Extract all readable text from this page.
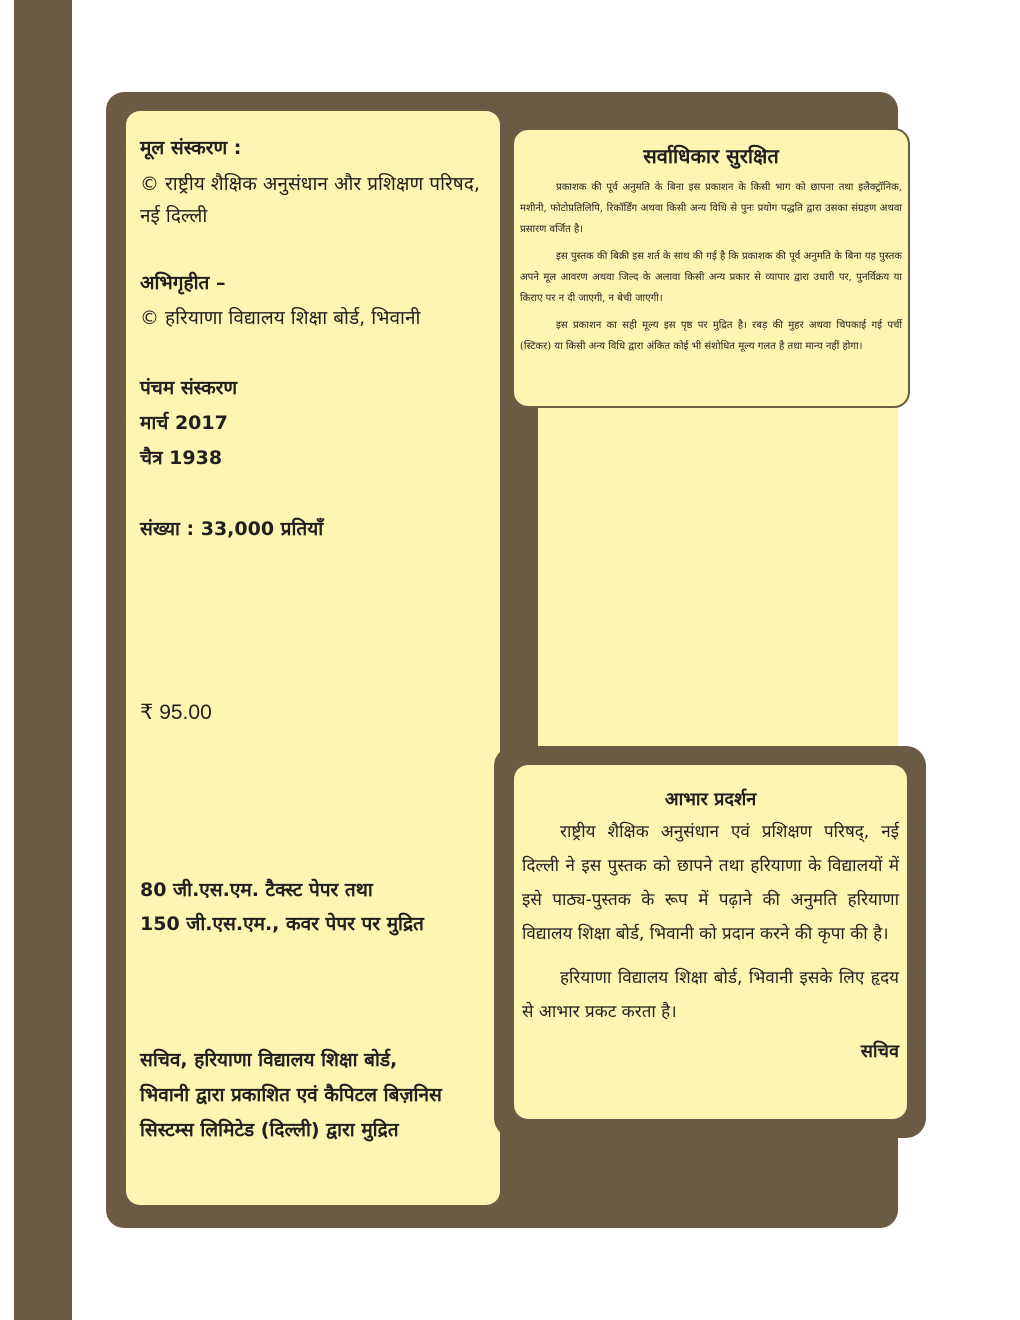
मूल संस्करण :
© राष्ट्रीय शैक्षिक अनुसंधान और प्रशिक्षण परिषद,
नई दिल्ली
अभिगृहीत –
© हरियाणा विद्यालय शिक्षा बोर्ड, भिवानी
पंचम संस्करण
मार्च 2017
चैत्र 1938
संख्या : 33,000 प्रतियाँ
₹ 95.00
80 जी.एस.एम. टैक्स्ट पेपर तथा
150 जी.एस.एम., कवर पेपर पर मुद्रित
सचिव, हरियाणा विद्यालय शिक्षा बोर्ड,
भिवानी द्वारा प्रकाशित एवं कैपिटल बिज़निस
सिस्टम्स लिमिटेड (दिल्ली) द्वारा मुद्रित
सर्वाधिकार सुरक्षित

प्रकाशक की पूर्व अनुमति के बिना इस प्रकाशन के किसी भाग को छापना तथा इलैक्ट्रॉनिक, मशीनी, फोटोप्रतिलिपि, रिकॉर्डिंग अथवा किसी अन्य विधि से पुनः प्रयोग पद्धति द्वारा उसका संग्रहण अथवा प्रसारण वर्जित है।

इस पुस्तक की बिक्री इस शर्त के साथ की गई है कि प्रकाशक की पूर्व अनुमति के बिना यह पुस्तक अपने मूल आवरण अथवा जिल्द के अलावा किसी अन्य प्रकार से व्यापार द्वारा उधारी पर, पुनर्विक्रय या किराए पर न दी जाएगी, न बेची जाएगी।

इस प्रकाशन का सही मूल्य इस पृष्ठ पर मुद्रित है। रबड़ की मुहर अथवा चिपकाई गई पर्ची (स्टिकर) या किसी अन्य विधि द्वारा अंकित कोई भी संशोधित मूल्य गलत है तथा मान्य नहीं होगा।

आभार प्रदर्शन

राष्ट्रीय शैक्षिक अनुसंधान एवं प्रशिक्षण परिषद्, नई दिल्ली ने इस पुस्तक को छापने तथा हरियाणा के विद्यालयों में इसे पाठ्य-पुस्तक के रूप में पढ़ाने की अनुमति हरियाणा विद्यालय शिक्षा बोर्ड, भिवानी को प्रदान करने की कृपा की है।

हरियाणा विद्यालय शिक्षा बोर्ड, भिवानी इसके लिए हृदय से आभार प्रकट करता है।

सचिव
